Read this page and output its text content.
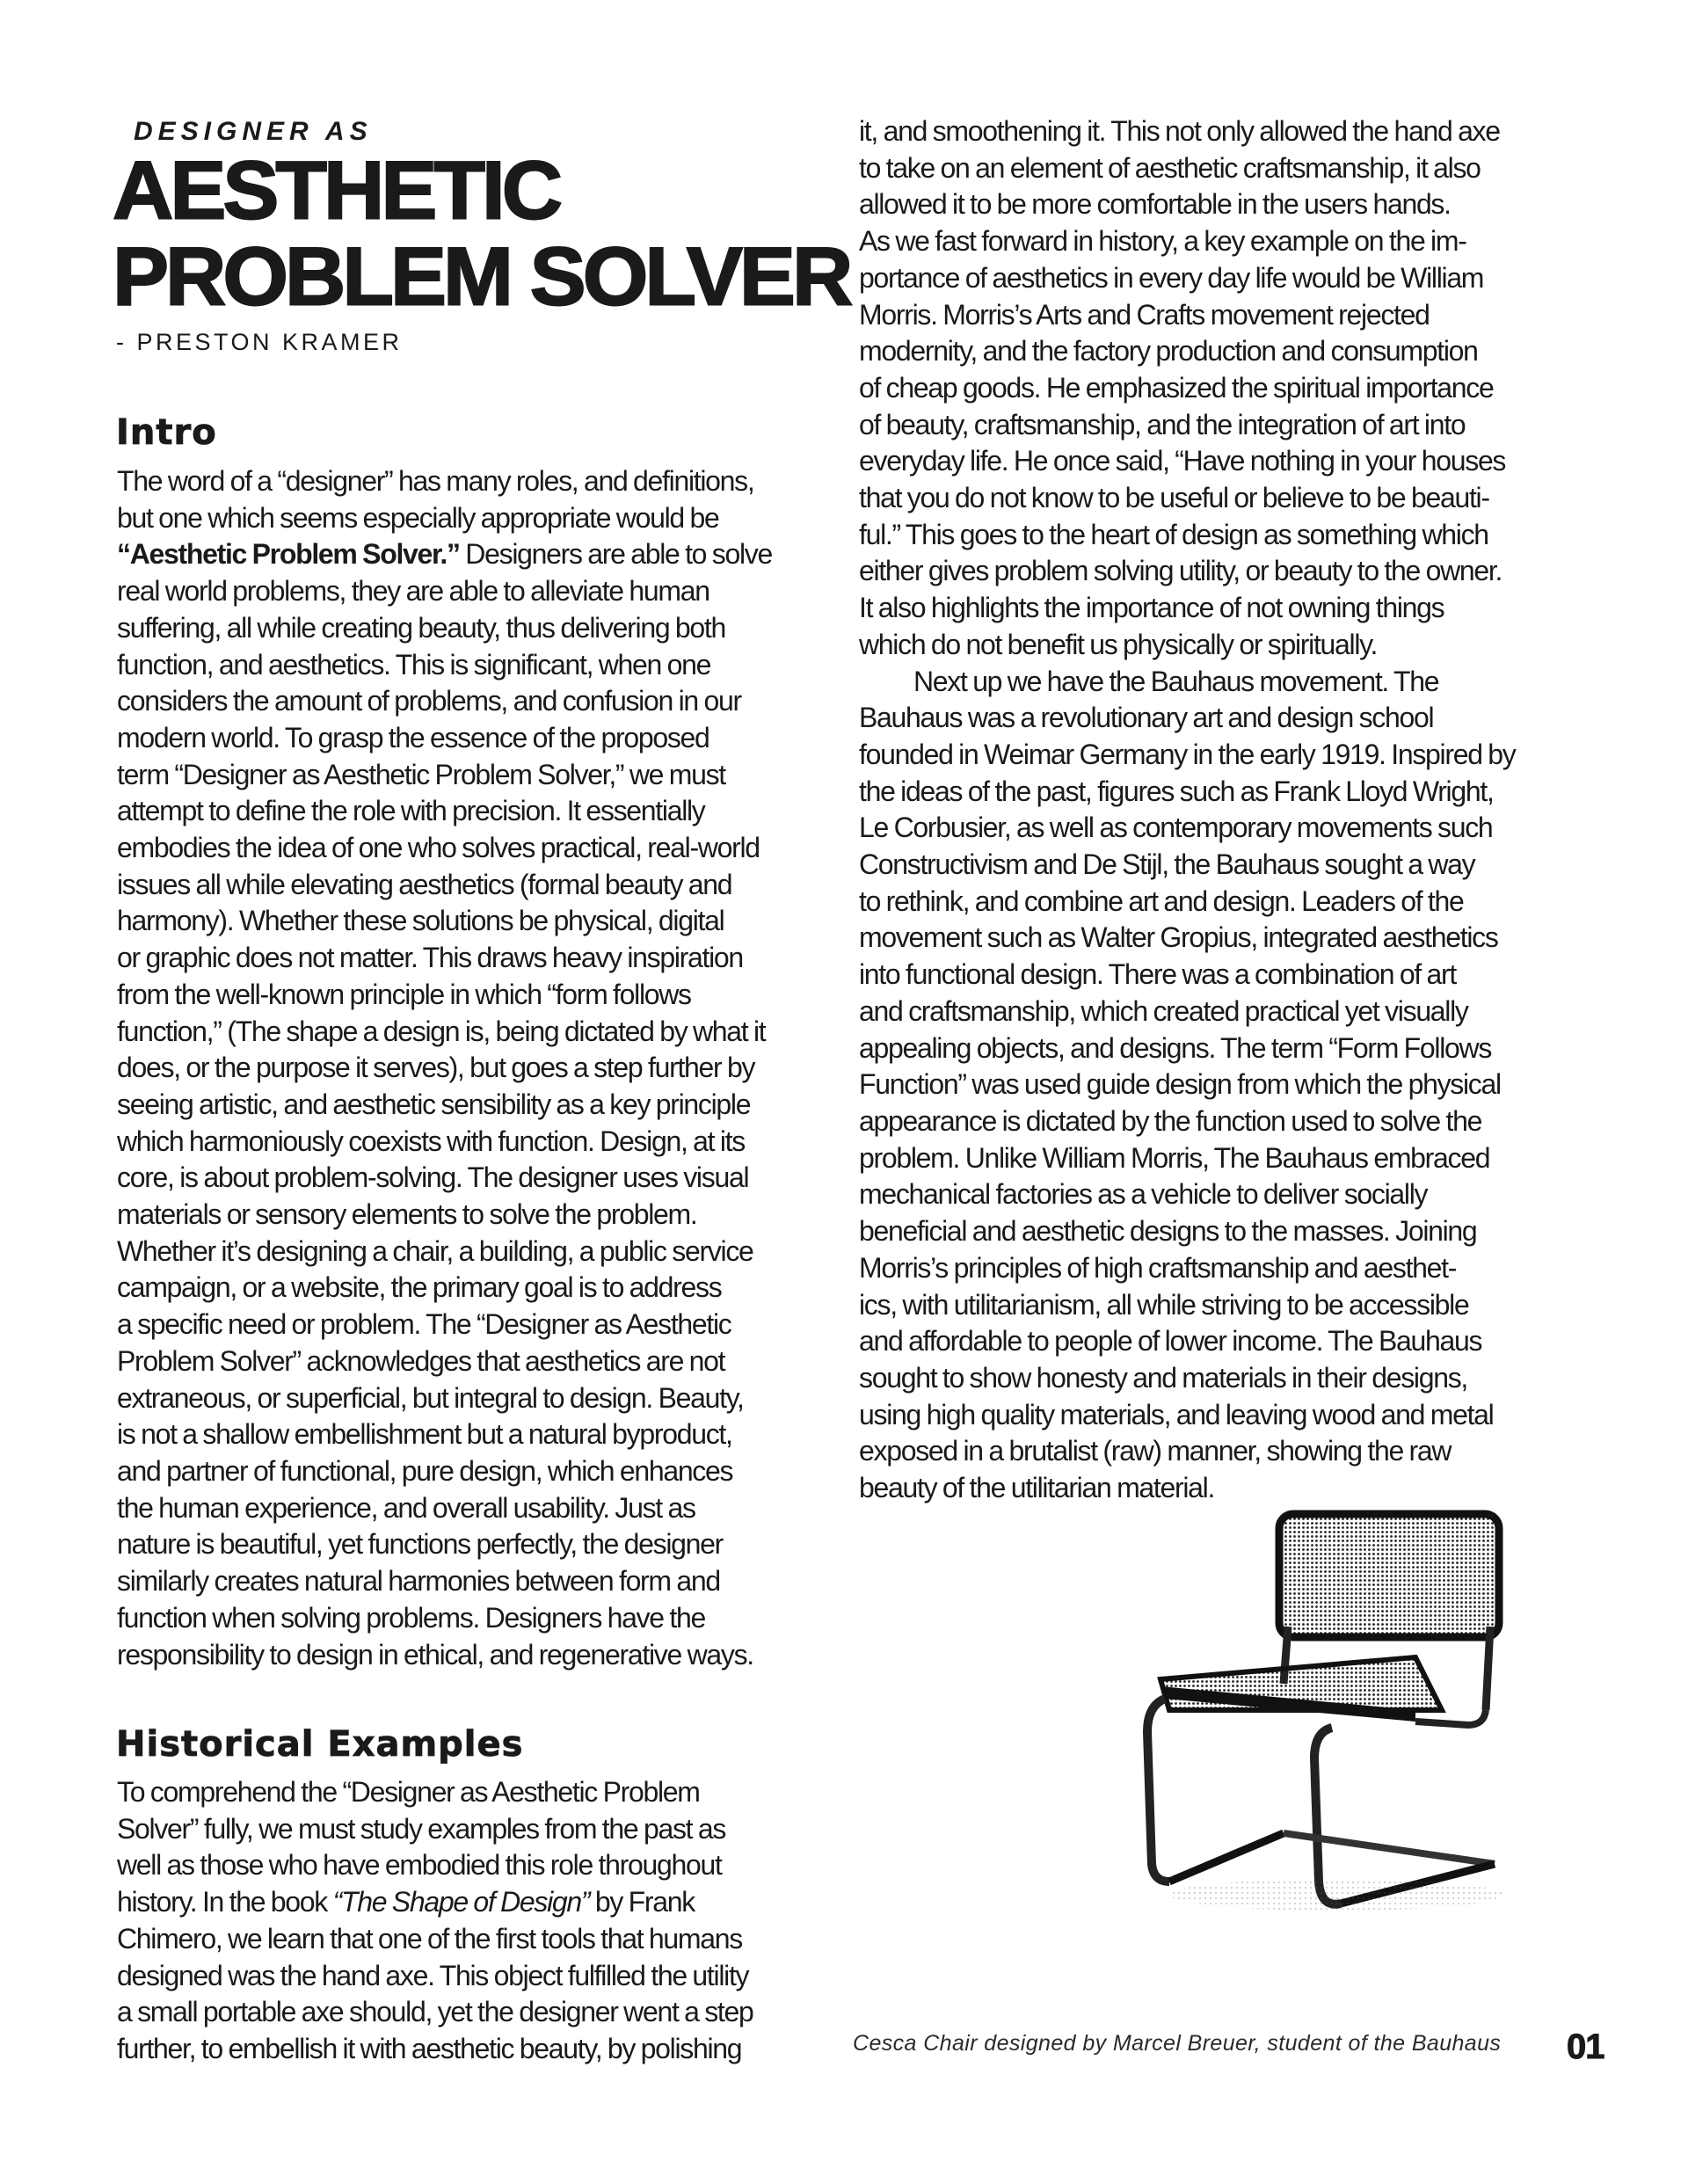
DESIGNER AS
AESTHETIC
PROBLEM SOLVER
- PRESTON KRAMER
Intro
The word of a “designer” has many roles, and definitions,
but one which seems especially appropriate would be
“Aesthetic Problem Solver.” Designers are able to solve
real world problems, they are able to alleviate human
suffering, all while creating beauty, thus delivering both
function, and aesthetics. This is significant, when one
considers the amount of problems, and confusion in our
modern world. To grasp the essence of the proposed
term “Designer as Aesthetic Problem Solver,” we must
attempt to define the role with precision. It essentially
embodies the idea of one who solves practical, real-world
issues all while elevating aesthetics (formal beauty and
harmony). Whether these solutions be physical, digital
or graphic does not matter. This draws heavy inspiration
from the well-known principle in which “form follows
function,” (The shape a design is, being dictated by what it
does, or the purpose it serves), but goes a step further by
seeing artistic, and aesthetic sensibility as a key principle
which harmoniously coexists with function. Design, at its
core, is about problem-solving. The designer uses visual
materials or sensory elements to solve the problem.
Whether it’s designing a chair, a building, a public service
campaign, or a website, the primary goal is to address
a specific need or problem. The “Designer as Aesthetic
Problem Solver” acknowledges that aesthetics are not
extraneous, or superficial, but integral to design. Beauty,
is not a shallow embellishment but a natural byproduct,
and partner of functional, pure design, which enhances
the human experience, and overall usability. Just as
nature is beautiful, yet functions perfectly, the designer
similarly creates natural harmonies between form and
function when solving problems. Designers have the
responsibility to design in ethical, and regenerative ways.
Historical Examples
To comprehend the “Designer as Aesthetic Problem
Solver” fully, we must study examples from the past as
well as those who have embodied this role throughout
history. In the book “The Shape of Design” by Frank
Chimero, we learn that one of the first tools that humans
designed was the hand axe. This object fulfilled the utility
a small portable axe should, yet the designer went a step
further, to embellish it with aesthetic beauty, by polishing
it, and smoothening it. This not only allowed the hand axe
to take on an element of aesthetic craftsmanship, it also
allowed it to be more comfortable in the users hands.
As we fast forward in history, a key example on the im-
portance of aesthetics in every day life would be William
Morris. Morris’s Arts and Crafts movement rejected
modernity, and the factory production and consumption
of cheap goods. He emphasized the spiritual importance
of beauty, craftsmanship, and the integration of art into
everyday life. He once said, “Have nothing in your houses
that you do not know to be useful or believe to be beauti-
ful.” This goes to the heart of design as something which
either gives problem solving utility, or beauty to the owner.
It also highlights the importance of not owning things
which do not benefit us physically or spiritually.
Next up we have the Bauhaus movement. The
Bauhaus was a revolutionary art and design school
founded in Weimar Germany in the early 1919. Inspired by
the ideas of the past, figures such as Frank Lloyd Wright,
Le Corbusier, as well as contemporary movements such
Constructivism and De Stijl, the Bauhaus sought a way
to rethink, and combine art and design. Leaders of the
movement such as Walter Gropius, integrated aesthetics
into functional design. There was a combination of art
and craftsmanship, which created practical yet visually
appealing objects, and designs. The term “Form Follows
Function” was used guide design from which the physical
appearance is dictated by the function used to solve the
problem. Unlike William Morris, The Bauhaus embraced
mechanical factories as a vehicle to deliver socially
beneficial and aesthetic designs to the masses. Joining
Morris’s principles of high craftsmanship and aesthet-
ics, with utilitarianism, all while striving to be accessible
and affordable to people of lower income. The Bauhaus
sought to show honesty and materials in their designs,
using high quality materials, and leaving wood and metal
exposed in a brutalist (raw) manner, showing the raw
beauty of the utilitarian material.
Cesca Chair designed by Marcel Breuer, student of the Bauhaus 01
